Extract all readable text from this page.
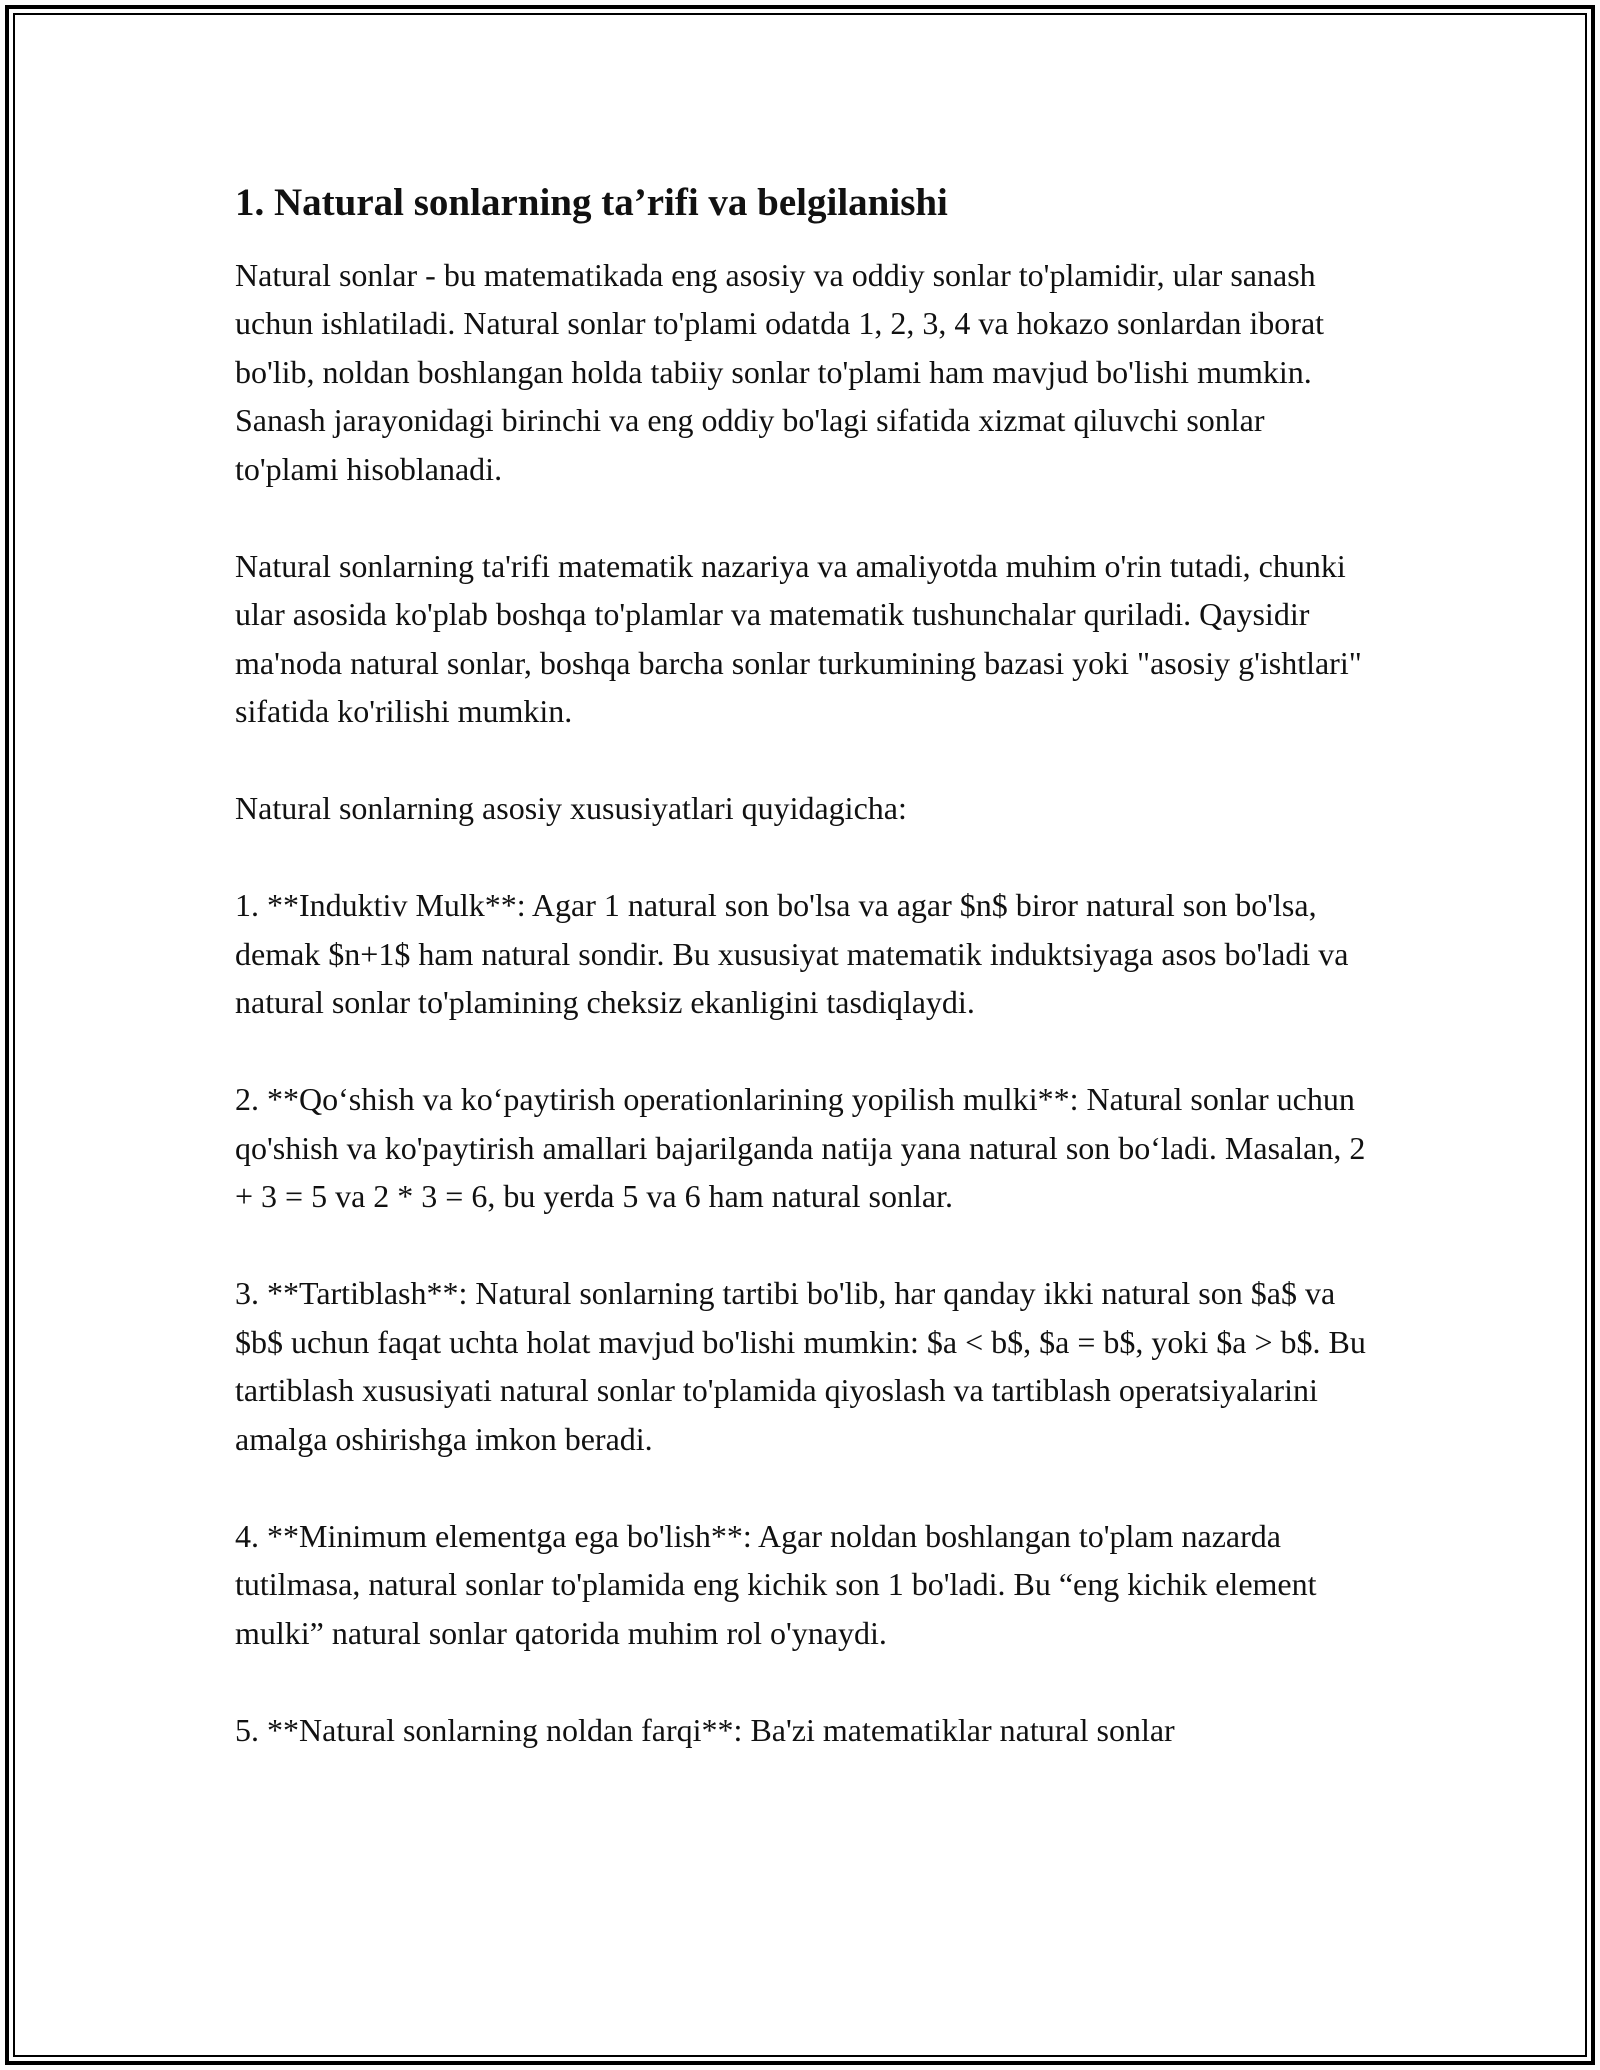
1. Natural sonlarning ta’rifi va belgilanishi

Natural sonlar - bu matematikada eng asosiy va oddiy sonlar to'plamidir, ular sanash uchun ishlatiladi. Natural sonlar to'plami odatda 1, 2, 3, 4 va hokazo sonlardan iborat bo'lib, noldan boshlangan holda tabiiy sonlar to'plami ham mavjud bo'lishi mumkin. Sanash jarayonidagi birinchi va eng oddiy bo'lagi sifatida xizmat qiluvchi sonlar to'plami hisoblanadi.

Natural sonlarning ta'rifi matematik nazariya va amaliyotda muhim o'rin tutadi, chunki ular asosida ko'plab boshqa to'plamlar va matematik tushunchalar quriladi. Qaysidir ma'noda natural sonlar, boshqa barcha sonlar turkumining bazasi yoki "asosiy g'ishtlari" sifatida ko'rilishi mumkin.

Natural sonlarning asosiy xususiyatlari quyidagicha:

1. **Induktiv Mulk**: Agar 1 natural son bo'lsa va agar $n$ biror natural son bo'lsa, demak $n+1$ ham natural sondir. Bu xususiyat matematik induktsiyaga asos bo'ladi va natural sonlar to'plamining cheksiz ekanligini tasdiqlaydi.

2. **Qo‘shish va ko‘paytirish operationlarining yopilish mulki**: Natural sonlar uchun qo'shish va ko'paytirish amallari bajarilganda natija yana natural son bo‘ladi. Masalan, 2 + 3 = 5 va 2 * 3 = 6, bu yerda 5 va 6 ham natural sonlar.

3. **Tartiblash**: Natural sonlarning tartibi bo'lib, har qanday ikki natural son $a$ va $b$ uchun faqat uchta holat mavjud bo'lishi mumkin: $a < b$, $a = b$, yoki $a > b$. Bu tartiblash xususiyati natural sonlar to'plamida qiyoslash va tartiblash operatsiyalarini amalga oshirishga imkon beradi.

4. **Minimum elementga ega bo'lish**: Agar noldan boshlangan to'plam nazarda tutilmasa, natural sonlar to'plamida eng kichik son 1 bo'ladi. Bu “eng kichik element mulki” natural sonlar qatorida muhim rol o'ynaydi.

5. **Natural sonlarning noldan farqi**: Ba'zi matematiklar natural sonlar
